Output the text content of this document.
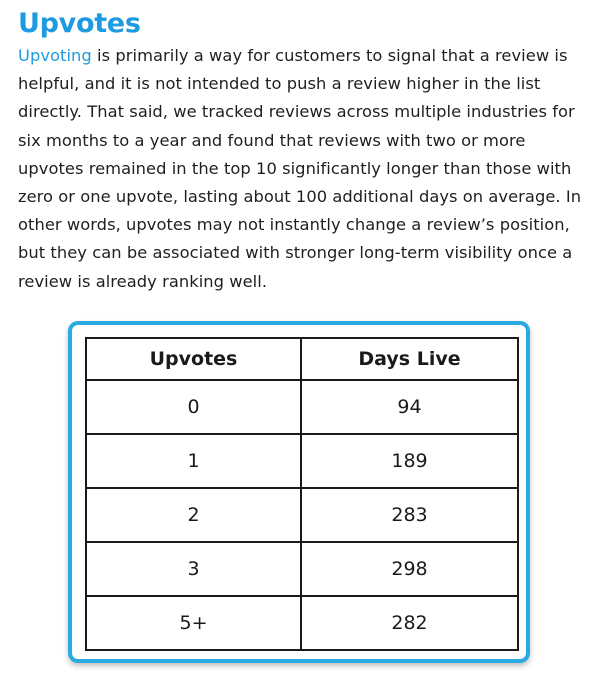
Upvotes

Upvoting is primarily a way for customers to signal that a review is helpful, and it is not intended to push a review higher in the list directly. That said, we tracked reviews across multiple industries for six months to a year and found that reviews with two or more upvotes remained in the top 10 significantly longer than those with zero or one upvote, lasting about 100 additional days on average. In other words, upvotes may not instantly change a review’s position, but they can be associated with stronger long-term visibility once a review is already ranking well.

Upvotes	Days Live
0	94
1	189
2	283
3	298
5+	282
